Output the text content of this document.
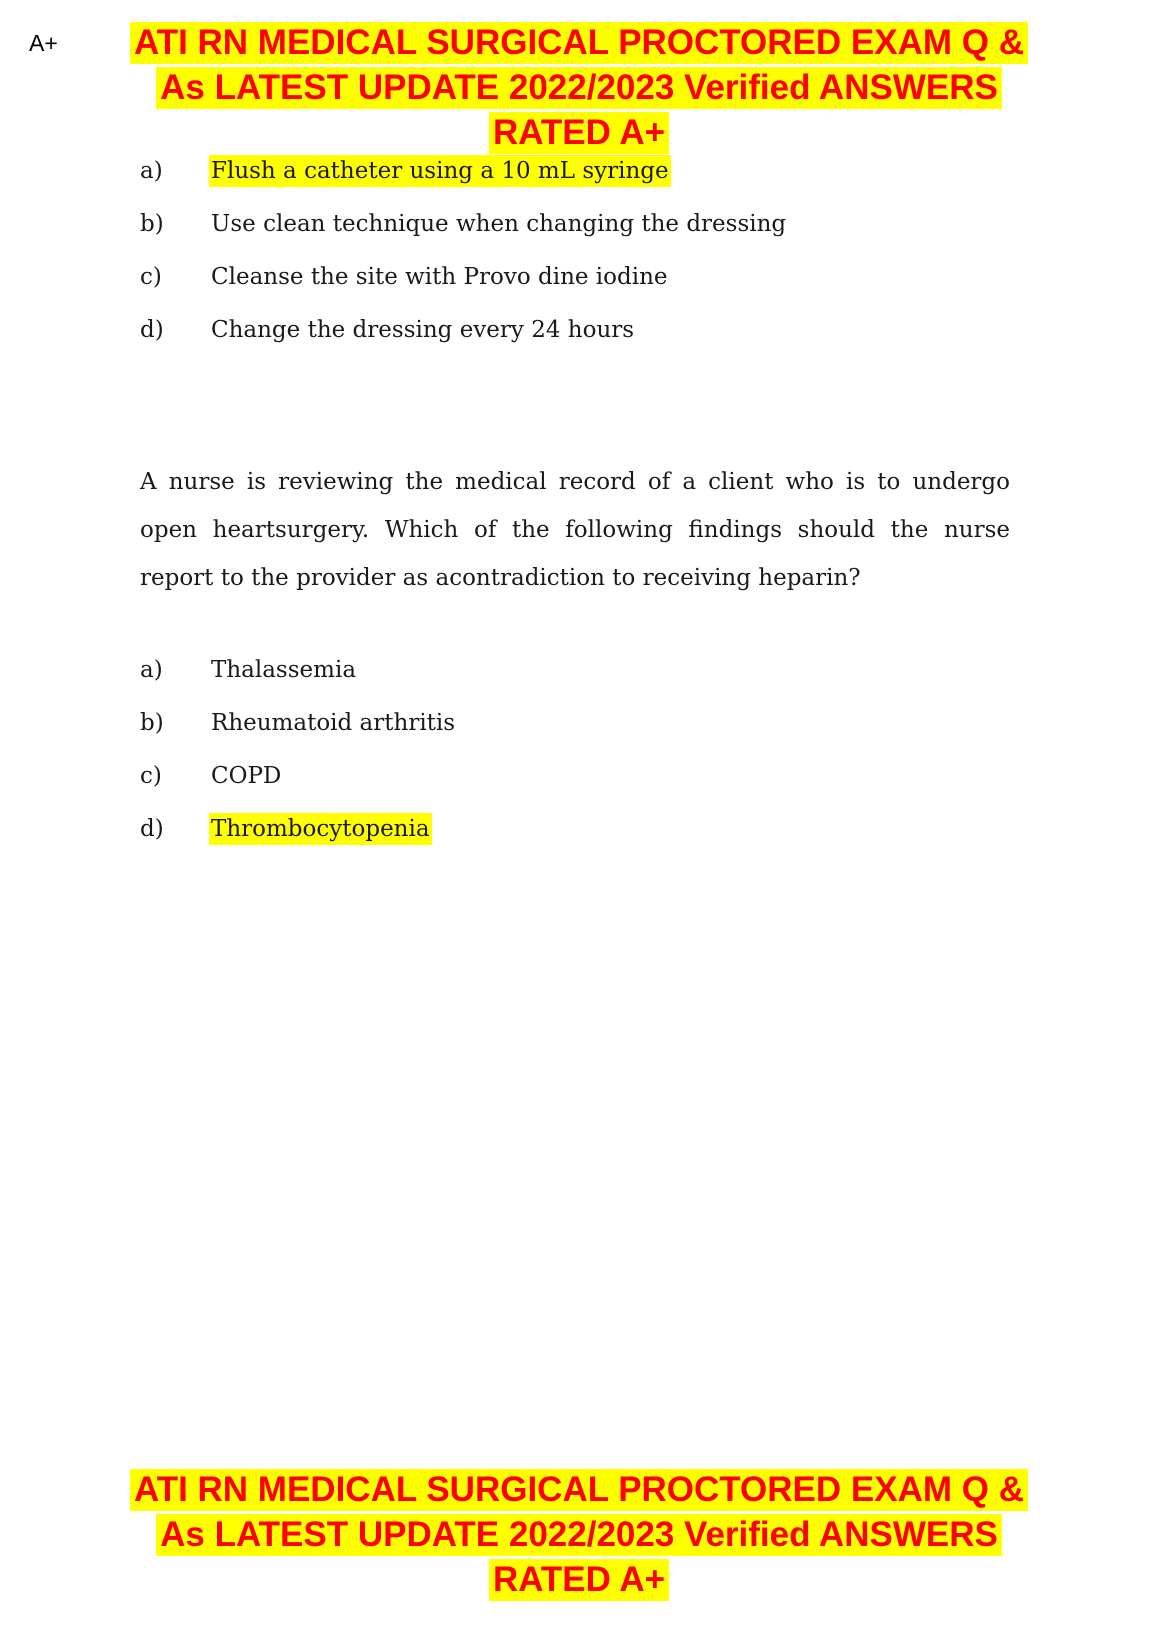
A+	ATI RN MEDICAL SURGICAL PROCTORED EXAM Q &
As LATEST UPDATE 2022/2023 Verified ANSWERS
RATED A+
a) Flush a catheter using a 10 mL syringe
b) Use clean technique when changing the dressing
c) Cleanse the site with Provo dine iodine
d) Change the dressing every 24 hours

A nurse is reviewing the medical record of a client who is to undergo open heartsurgery. Which of the following findings should the nurse report to the provider as acontradiction to receiving heparin?

a) Thalassemia
b) Rheumatoid arthritis
c) COPD
d) Thrombocytopenia
ATI RN MEDICAL SURGICAL PROCTORED EXAM Q &
As LATEST UPDATE 2022/2023 Verified ANSWERS
RATED A+
